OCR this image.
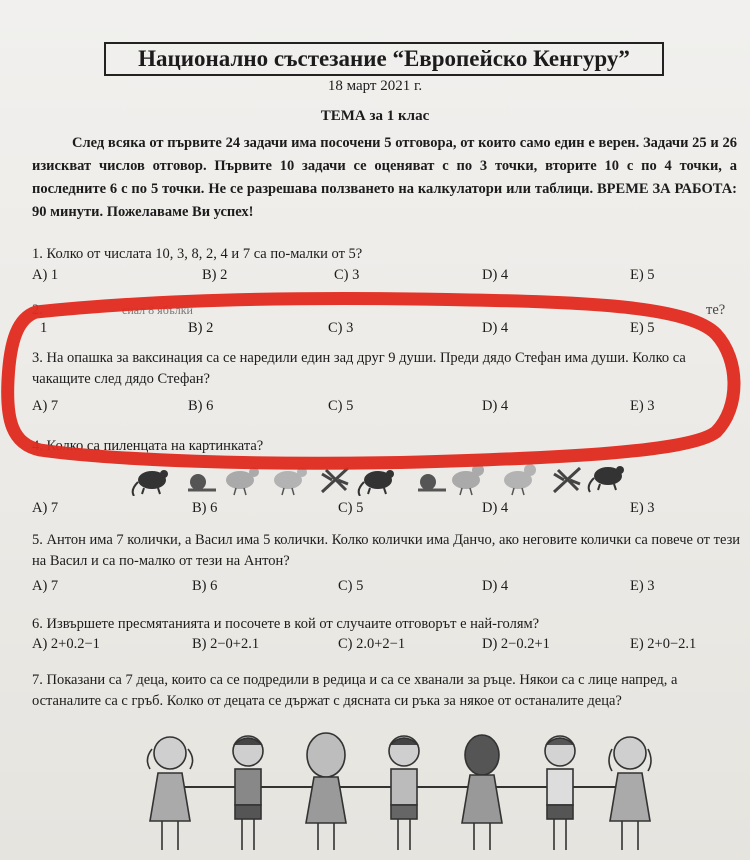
Национално състезание “Европейско Кенгуру”
18 март 2021 г.
ТЕМА за 1 клас
След всяка от първите 24 задачи има посочени 5 отговора, от които само един е верен. Задачи 25 и 26 изискват числов отговор. Първите 10 задачи се оценяват с по 3 точки, вторите 10 с по 4 точки, а последните 6 с по 5 точки. Не се разрешава ползването на калкулатори или таблици. ВРЕМЕ ЗА РАБОТА: 90 минути. Пожелаваме Ви успех!
1. Колко от числата 10, 3, 8, 2, 4 и 7 са по-малки от 5?
А) 1	В) 2	С) 3	D) 4	Е) 5
2.	сиал 8 ябълки	те?
1	В) 2	С) 3	D) 4	Е) 5
3. На опашка за ваксинация са се наредили един зад друг 9 души. Преди дядо Стефан има души. Колко са чакащите след дядо Стефан?
А) 7	В) 6	С) 5	D) 4	Е) 3
4. Колко са пиленцата на картинката?
А) 7	В) 6	С) 5	D) 4	Е) 3
5. Антон има 7 колички, а Васил има 5 колички. Колко колички има Данчо, ако неговите колички са повече от тези на Васил и са по-малко от тези на Антон?
А) 7	В) 6	С) 5	D) 4	Е) 3
6. Извършете пресмятанията и посочете в кой от случаите отговорът е най-голям?
А) 2+0.2−1	В) 2−0+2.1	С) 2.0+2−1	D) 2−0.2+1	Е) 2+0−2.1
7. Показани са 7 деца, които са се подредили в редица и са се хванали за ръце. Някои са с лице напред, а останалите са с гръб. Колко от децата се държат с дясната си ръка за някое от останалите деца?
